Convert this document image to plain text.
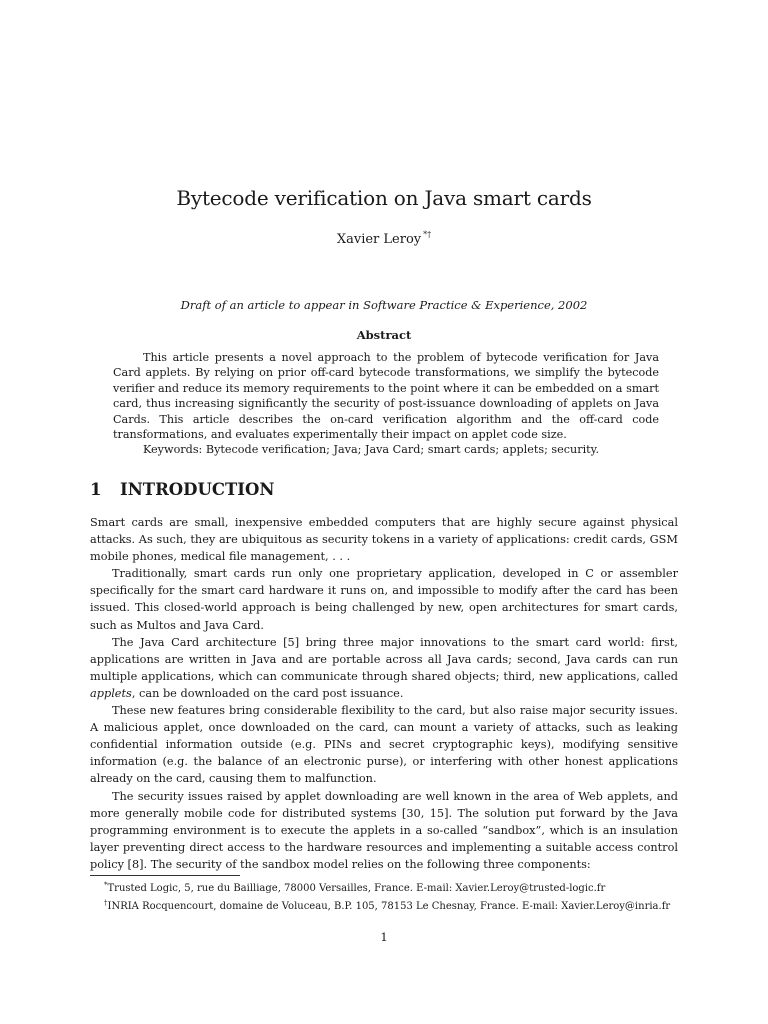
Bytecode verification on Java smart cards
Xavier Leroy *†
Draft of an article to appear in Software Practice & Experience, 2002
Abstract

This article presents a novel approach to the problem of bytecode verification for Java Card applets. By relying on prior off-card bytecode transformations, we simplify the bytecode verifier and reduce its memory requirements to the point where it can be embedded on a smart card, thus increasing significantly the security of post-issuance downloading of applets on Java Cards. This article describes the on-card verification algorithm and the off-card code transformations, and evaluates experimentally their impact on applet code size.

Keywords: Bytecode verification; Java; Java Card; smart cards; applets; security.

1 INTRODUCTION

Smart cards are small, inexpensive embedded computers that are highly secure against physical attacks. As such, they are ubiquitous as security tokens in a variety of applications: credit cards, GSM mobile phones, medical file management, . . .

Traditionally, smart cards run only one proprietary application, developed in C or assembler specifically for the smart card hardware it runs on, and impossible to modify after the card has been issued. This closed-world approach is being challenged by new, open architectures for smart cards, such as Multos and Java Card.

The Java Card architecture [5] bring three major innovations to the smart card world: first, applications are written in Java and are portable across all Java cards; second, Java cards can run multiple applications, which can communicate through shared objects; third, new applications, called applets, can be downloaded on the card post issuance.

These new features bring considerable flexibility to the card, but also raise major security issues. A malicious applet, once downloaded on the card, can mount a variety of attacks, such as leaking confidential information outside (e.g. PINs and secret cryptographic keys), modifying sensitive information (e.g. the balance of an electronic purse), or interfering with other honest applications already on the card, causing them to malfunction.

The security issues raised by applet downloading are well known in the area of Web applets, and more generally mobile code for distributed systems [30, 15]. The solution put forward by the Java programming environment is to execute the applets in a so-called “sandbox”, which is an insulation layer preventing direct access to the hardware resources and implementing a suitable access control policy [8]. The security of the sandbox model relies on the following three components:

*Trusted Logic, 5, rue du Bailliage, 78000 Versailles, France. E-mail: Xavier.Leroy@trusted-logic.fr

†INRIA Rocquencourt, domaine de Voluceau, B.P. 105, 78153 Le Chesnay, France. E-mail: Xavier.Leroy@inria.fr

1
